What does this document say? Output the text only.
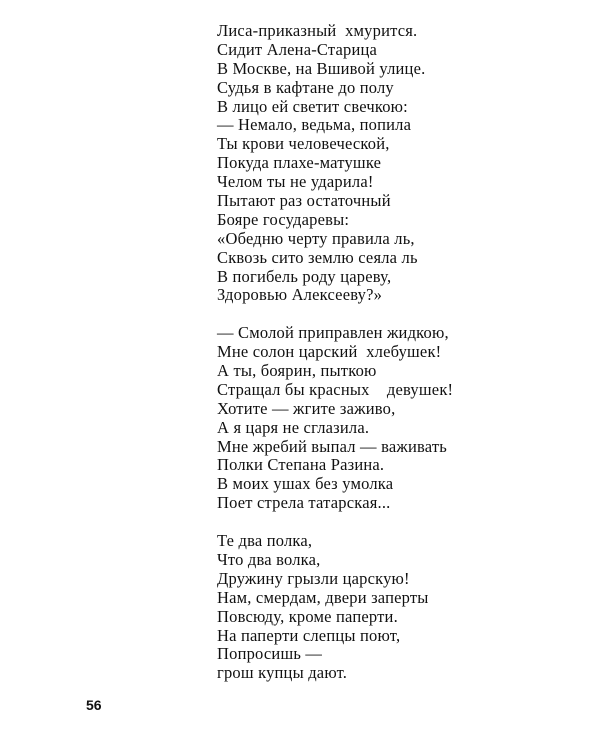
Лиса-приказный  хмурится.
Сидит Алена-Старица
В Москве, на Вшивой улице.
Судья в кафтане до полу
В лицо ей светит свечкою:
— Немало, ведьма, попила
Ты крови человеческой,
Покуда плахе-матушке
Челом ты не ударила!
Пытают раз остаточный
Бояре государевы:
«Обедню черту правила ль,
Сквозь сито землю сеяла ль
В погибель роду цареву,
Здоровью Алексееву?»
— Смолой приправлен жидкою,
Мне солон царский  хлебушек!
А ты, боярин, пыткою
Стращал бы красных    девушек!
Хотите — жгите заживо,
А я царя не сглазила.
Мне жребий выпал — важивать
Полки Степана Разина.
В моих ушах без умолка
Поет стрела татарская...
Те два полка,
Что два волка,
Дружину грызли царскую!
Нам, смердам, двери заперты
Повсюду, кроме паперти.
На паперти слепцы поют,
Попросишь —
грош купцы дают.
56
